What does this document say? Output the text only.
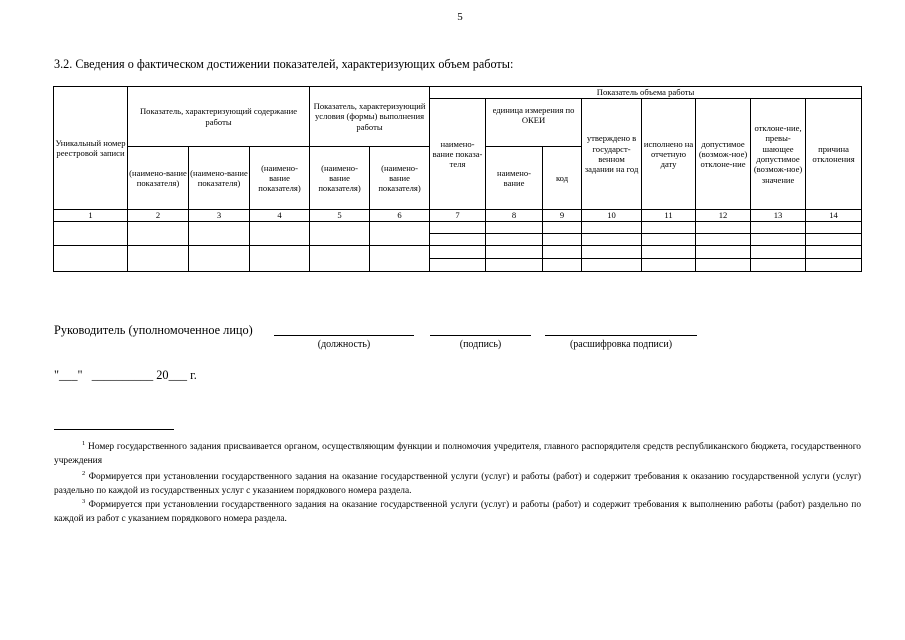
5
3.2. Сведения о фактическом достижении показателей, характеризующих объем работы:
Уникальный номер реестровой записи	Показатель, характеризующий содержание работы			Показатель, характеризующий условия (формы) выполнения работы		Показатель объема работы							
						наимено-вание показа-теля	единица измерения по ОКЕИ		утверждено в государст-венном задании на год	исполнено на отчетную дату	допустимое (возмож-ное) отклоне-ние	отклоне-ние, превы-шающее допустимое (возмож-ное) значение	причина отклонения
	(наимено-вание показателя)	(наимено-вание показателя)	(наимено-вание показателя)	(наимено-вание показателя)	(наимено-вание показателя)		наимено-вание	код					

1	2	3	4	5	6	7	8	9	10	11	12	13	14

Руководитель (уполномоченное лицо)
(должность)	(подпись)	(расшифровка подписи)
"___"   __________ 20___ г.
$^1$ Номер государственного задания присваивается органом, осуществляющим функции и полномочия учредителя, главного распорядителя средств республиканского бюджета, государственного учреждения
$^2$ Формируется при установлении государственного задания на оказание государственной услуги (услуг) и работы (работ) и содержит требования к оказанию государственной услуги (услуг) раздельно по каждой из государственных услуг с указанием порядкового номера раздела.
$^3$ Формируется при установлении государственного задания на оказание государственной услуги (услуг) и работы (работ) и содержит требования к выполнению работы (работ) раздельно по каждой из работ с указанием порядкового номера раздела.
